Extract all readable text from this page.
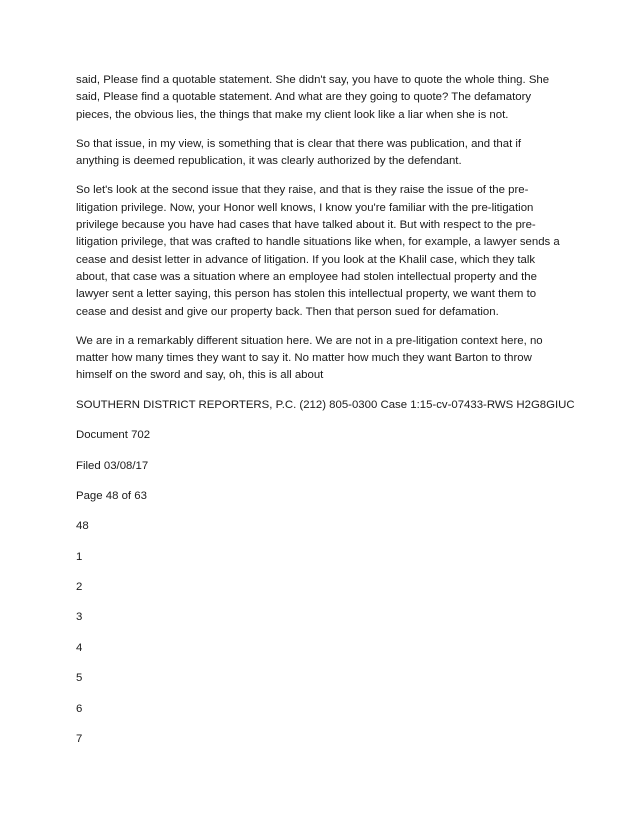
said, Please find a quotable statement. She didn't say, you have to quote the whole thing. She said, Please find a quotable statement. And what are they going to quote? The defamatory pieces, the obvious lies, the things that make my client look like a liar when she is not.

So that issue, in my view, is something that is clear that there was publication, and that if anything is deemed republication, it was clearly authorized by the defendant.

So let's look at the second issue that they raise, and that is they raise the issue of the pre-litigation privilege. Now, your Honor well knows, I know you're familiar with the pre-litigation privilege because you have had cases that have talked about it. But with respect to the pre-litigation privilege, that was crafted to handle situations like when, for example, a lawyer sends a cease and desist letter in advance of litigation. If you look at the Khalil case, which they talk about, that case was a situation where an employee had stolen intellectual property and the lawyer sent a letter saying, this person has stolen this intellectual property, we want them to cease and desist and give our property back. Then that person sued for defamation.

We are in a remarkably different situation here. We are not in a pre-litigation context here, no matter how many times they want to say it. No matter how much they want Barton to throw himself on the sword and say, oh, this is all about

SOUTHERN DISTRICT REPORTERS, P.C. (212) 805-0300 Case 1:15-cv-07433-RWS H2G8GIUC
Document 702
Filed 03/08/17
Page 48 of 63
48
1
2
3
4
5
6
7
